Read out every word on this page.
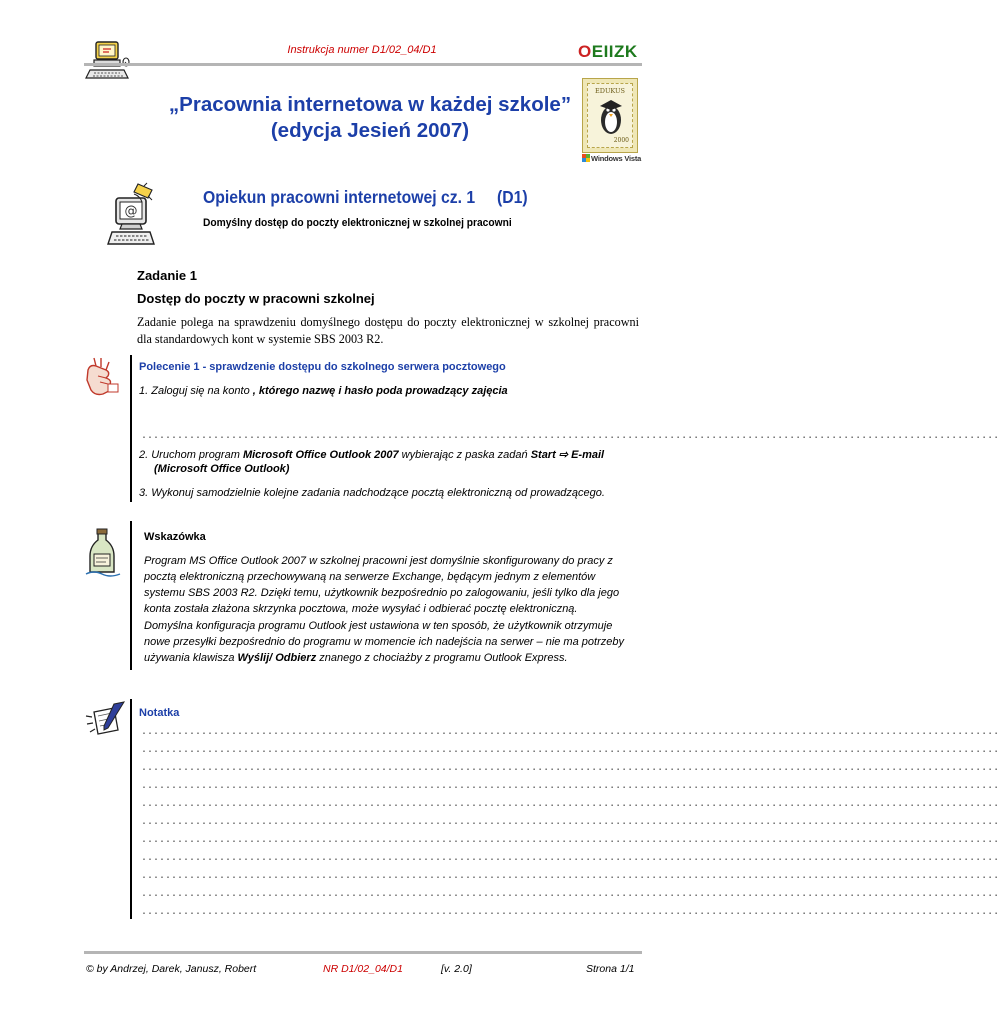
Instrukcja numer D1/02_04/D1	OEIIZK
„Pracownia internetowa w każdej szkole”
(edycja Jesień 2007)
EDUKUS
2000
Windows Vista
@
Opiekun pracowni internetowej cz. 1     (D1)
Domyślny dostęp do poczty elektronicznej w szkolnej pracowni
Zadanie 1
Dostęp do poczty w pracowni szkolnej
Zadanie polega na sprawdzeniu domyślnego dostępu do poczty elektronicznej w szkolnej pracowni dla standardowych kont w systemie SBS 2003 R2.
Polecenie 1 - sprawdzenie dostępu do szkolnego serwera pocztowego
1. Zaloguj się na konto , którego nazwę i hasło poda prowadzący zajęcia
...............................................................................................................................................
2. Uruchom program Microsoft Office Outlook 2007 wybierając z paska zadań Start ⇨ E-mail
(Microsoft Office Outlook)
3. Wykonuj samodzielnie kolejne zadania nadchodzące pocztą elektroniczną od prowadzącego.
Wskazówka
Program MS Office Outlook 2007 w szkolnej pracowni jest domyślnie skonfigurowany do pracy z pocztą elektroniczną przechowywaną na serwerze Exchange, będącym jednym z elementów systemu SBS 2003 R2. Dzięki temu, użytkownik bezpośrednio po zalogowaniu, jeśli tylko dla jego konta została złażona skrzynka pocztowa, może wysyłać i odbierać pocztę elektroniczną.
Domyślna konfiguracja programu Outlook jest ustawiona w ten sposób, że użytkownik otrzymuje nowe przesyłki bezpośrednio do programu w momencie ich nadejścia na serwer – nie ma potrzeby używania klawisza Wyślij/ Odbierz znanego z chociażby z programu Outlook Express.
Notatka
...............................................................................................................................................
...............................................................................................................................................
...............................................................................................................................................
...............................................................................................................................................
...............................................................................................................................................
...............................................................................................................................................
...............................................................................................................................................
...............................................................................................................................................
...............................................................................................................................................
...............................................................................................................................................
...............................................................................................................................................
© by Andrzej, Darek, Janusz, Robert	NR D1/02_04/D1	[v. 2.0]	Strona 1/1
